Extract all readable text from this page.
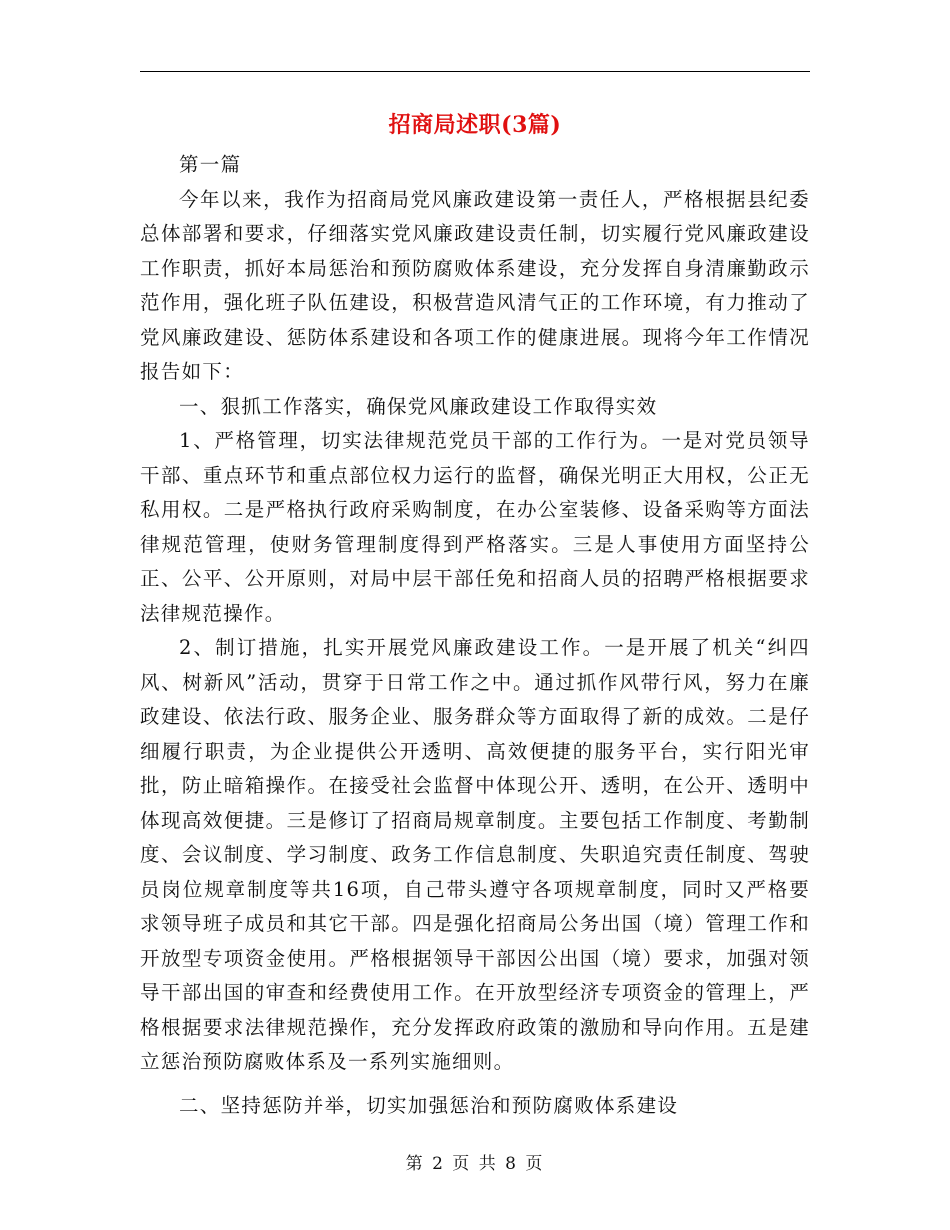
招商局述职(3篇)

第一篇

今年以来，我作为招商局党风廉政建设第一责任人，严格根据县纪委总体部署和要求，仔细落实党风廉政建设责任制，切实履行党风廉政建设工作职责，抓好本局惩治和预防腐败体系建设，充分发挥自身清廉勤政示范作用，强化班子队伍建设，积极营造风清气正的工作环境，有力推动了党风廉政建设、惩防体系建设和各项工作的健康进展。现将今年工作情况报告如下：

一、狠抓工作落实，确保党风廉政建设工作取得实效

1、严格管理，切实法律规范党员干部的工作行为。一是对党员领导干部、重点环节和重点部位权力运行的监督，确保光明正大用权，公正无私用权。二是严格执行政府采购制度，在办公室装修、设备采购等方面法律规范管理，使财务管理制度得到严格落实。三是人事使用方面坚持公正、公平、公开原则，对局中层干部任免和招商人员的招聘严格根据要求法律规范操作。

2、制订措施，扎实开展党风廉政建设工作。一是开展了机关“纠四风、树新风”活动，贯穿于日常工作之中。通过抓作风带行风，努力在廉政建设、依法行政、服务企业、服务群众等方面取得了新的成效。二是仔细履行职责，为企业提供公开透明、高效便捷的服务平台，实行阳光审批，防止暗箱操作。在接受社会监督中体现公开、透明，在公开、透明中体现高效便捷。三是修订了招商局规章制度。主要包括工作制度、考勤制度、会议制度、学习制度、政务工作信息制度、失职追究责任制度、驾驶员岗位规章制度等共16项，自己带头遵守各项规章制度，同时又严格要求领导班子成员和其它干部。四是强化招商局公务出国（境）管理工作和开放型专项资金使用。严格根据领导干部因公出国（境）要求，加强对领导干部出国的审查和经费使用工作。在开放型经济专项资金的管理上，严格根据要求法律规范操作，充分发挥政府政策的激励和导向作用。五是建立惩治预防腐败体系及一系列实施细则。

二、坚持惩防并举，切实加强惩治和预防腐败体系建设

第 2 页 共 8 页
